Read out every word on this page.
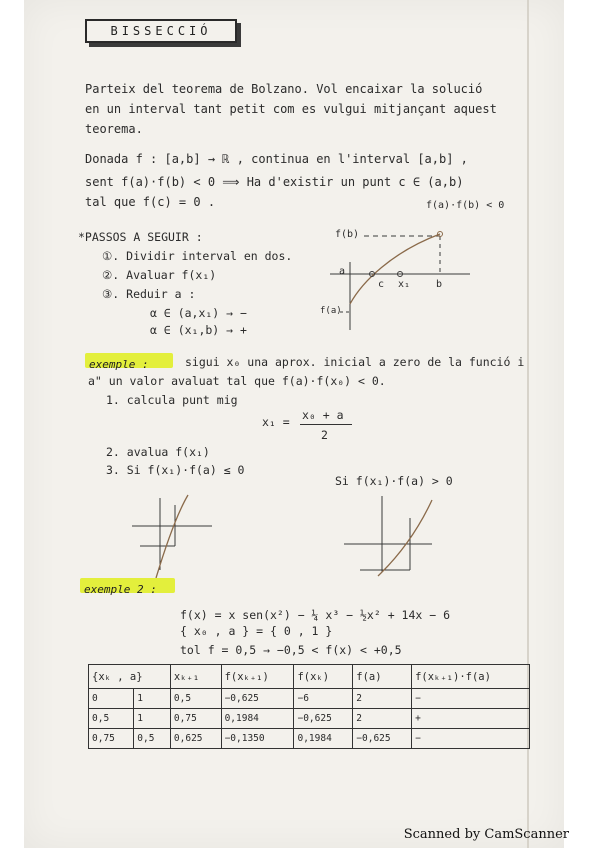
BISSECCIÓ
Parteix del teorema de Bolzano. Vol encaixar la solució
en un interval tant petit com es vulgui mitjançant aquest
teorema.
Donada f : [a,b] → ℝ , continua en l'interval [a,b] ,
sent f(a)·f(b) < 0 ⟹ Ha d'existir un punt c ∈ (a,b)
tal que f(c) = 0 .
*PASSOS A SEGUIR :
①. Dividir interval en dos.
②. Avaluar f(x₁)
③. Reduir a :
α ∈ (a,x₁) → −
α ∈ (x₁,b) → +
f(a)·f(b) < 0
f(b)
a
c x₁	b
f(a)
exemple :	sigui x₀ una aprox. inicial a zero de la funció i
a" un valor avaluat tal que f(a)·f(x₀) < 0.
1. calcula punt mig
x₁ = x₀ + a
2
2. avalua f(x₁)
3. Si f(x₁)·f(a) ≤ 0
Si f(x₁)·f(a) > 0
exemple 2 :
f(x) = x sen(x²) − ¼ x³ − ½x² + 14x − 6
{ x₀ , a } = { 0 , 1 }
tol f = 0,5 → −0,5 < f(x) < +0,5
{xₖ , a}		xₖ₊₁	f(xₖ₊₁)	f(xₖ)	f(a)	f(xₖ₊₁)·f(a)
0	1	0,5	−0,625	−6	2	−
0,5	1	0,75	0,1984	−0,625	2	+
0,75	0,5	0,625	−0,1350	0,1984	−0,625	−
Scanned by CamScanner
